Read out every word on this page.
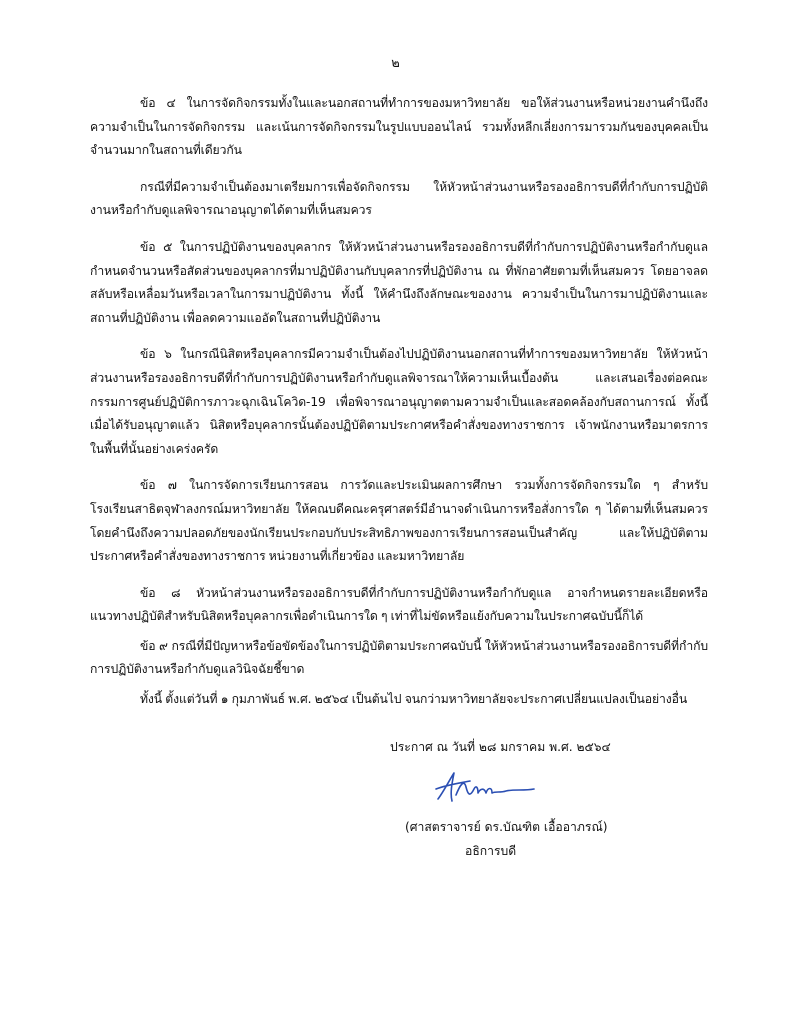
๒

ข้อ ๔ ในการจัดกิจกรรมทั้งในและนอกสถานที่ทำการของมหาวิทยาลัย ขอให้ส่วนงานหรือหน่วยงานคำนึงถึงความจำเป็นในการจัดกิจกรรม และเน้นการจัดกิจกรรมในรูปแบบออนไลน์ รวมทั้งหลีกเลี่ยงการมารวมกันของบุคคลเป็นจำนวนมากในสถานที่เดียวกัน

กรณีที่มีความจำเป็นต้องมาเตรียมการเพื่อจัดกิจกรรม ให้หัวหน้าส่วนงานหรือรองอธิการบดีที่กำกับการปฏิบัติงานหรือกำกับดูแลพิจารณาอนุญาตได้ตามที่เห็นสมควร

ข้อ ๕ ในการปฏิบัติงานของบุคลากร ให้หัวหน้าส่วนงานหรือรองอธิการบดีที่กำกับการปฏิบัติงานหรือกำกับดูแลกำหนดจำนวนหรือสัดส่วนของบุคลากรที่มาปฏิบัติงานกับบุคลากรที่ปฏิบัติงาน ณ ที่พักอาศัยตามที่เห็นสมควร โดยอาจลด สลับหรือเหลื่อมวันหรือเวลาในการมาปฏิบัติงาน ทั้งนี้ ให้คำนึงถึงลักษณะของงาน ความจำเป็นในการมาปฏิบัติงานและสถานที่ปฏิบัติงาน เพื่อลดความแออัดในสถานที่ปฏิบัติงาน

ข้อ ๖ ในกรณีนิสิตหรือบุคลากรมีความจำเป็นต้องไปปฏิบัติงานนอกสถานที่ทำการของมหาวิทยาลัย ให้หัวหน้าส่วนงานหรือรองอธิการบดีที่กำกับการปฏิบัติงานหรือกำกับดูแลพิจารณาให้ความเห็นเบื้องต้น และเสนอเรื่องต่อคณะกรรมการศูนย์ปฏิบัติการภาวะฉุกเฉินโควิด-19 เพื่อพิจารณาอนุญาตตามความจำเป็นและสอดคล้องกับสถานการณ์ ทั้งนี้ เมื่อได้รับอนุญาตแล้ว นิสิตหรือบุคลากรนั้นต้องปฏิบัติตามประกาศหรือคำสั่งของทางราชการ เจ้าพนักงานหรือมาตรการในพื้นที่นั้นอย่างเคร่งครัด

ข้อ ๗ ในการจัดการเรียนการสอน การวัดและประเมินผลการศึกษา รวมทั้งการจัดกิจกรรมใด ๆ สำหรับโรงเรียนสาธิตจุฬาลงกรณ์มหาวิทยาลัย ให้คณบดีคณะครุศาสตร์มีอำนาจดำเนินการหรือสั่งการใด ๆ ได้ตามที่เห็นสมควร โดยคำนึงถึงความปลอดภัยของนักเรียนประกอบกับประสิทธิภาพของการเรียนการสอนเป็นสำคัญ และให้ปฏิบัติตามประกาศหรือคำสั่งของทางราชการ หน่วยงานที่เกี่ยวข้อง และมหาวิทยาลัย

ข้อ ๘ หัวหน้าส่วนงานหรือรองอธิการบดีที่กำกับการปฏิบัติงานหรือกำกับดูแล อาจกำหนดรายละเอียดหรือแนวทางปฏิบัติสำหรับนิสิตหรือบุคลากรเพื่อดำเนินการใด ๆ เท่าที่ไม่ขัดหรือแย้งกับความในประกาศฉบับนี้ก็ได้

ข้อ ๙ กรณีที่มีปัญหาหรือข้อขัดข้องในการปฏิบัติตามประกาศฉบับนี้ ให้หัวหน้าส่วนงานหรือรองอธิการบดีที่กำกับการปฏิบัติงานหรือกำกับดูแลวินิจฉัยชี้ขาด

ทั้งนี้ ตั้งแต่วันที่ ๑ กุมภาพันธ์ พ.ศ. ๒๕๖๔ เป็นต้นไป จนกว่ามหาวิทยาลัยจะประกาศเปลี่ยนแปลงเป็นอย่างอื่น

ประกาศ ณ วันที่ ๒๘ มกราคม พ.ศ. ๒๕๖๔

(ศาสตราจารย์ ดร.บัณฑิต เอื้ออาภรณ์)
อธิการบดี
